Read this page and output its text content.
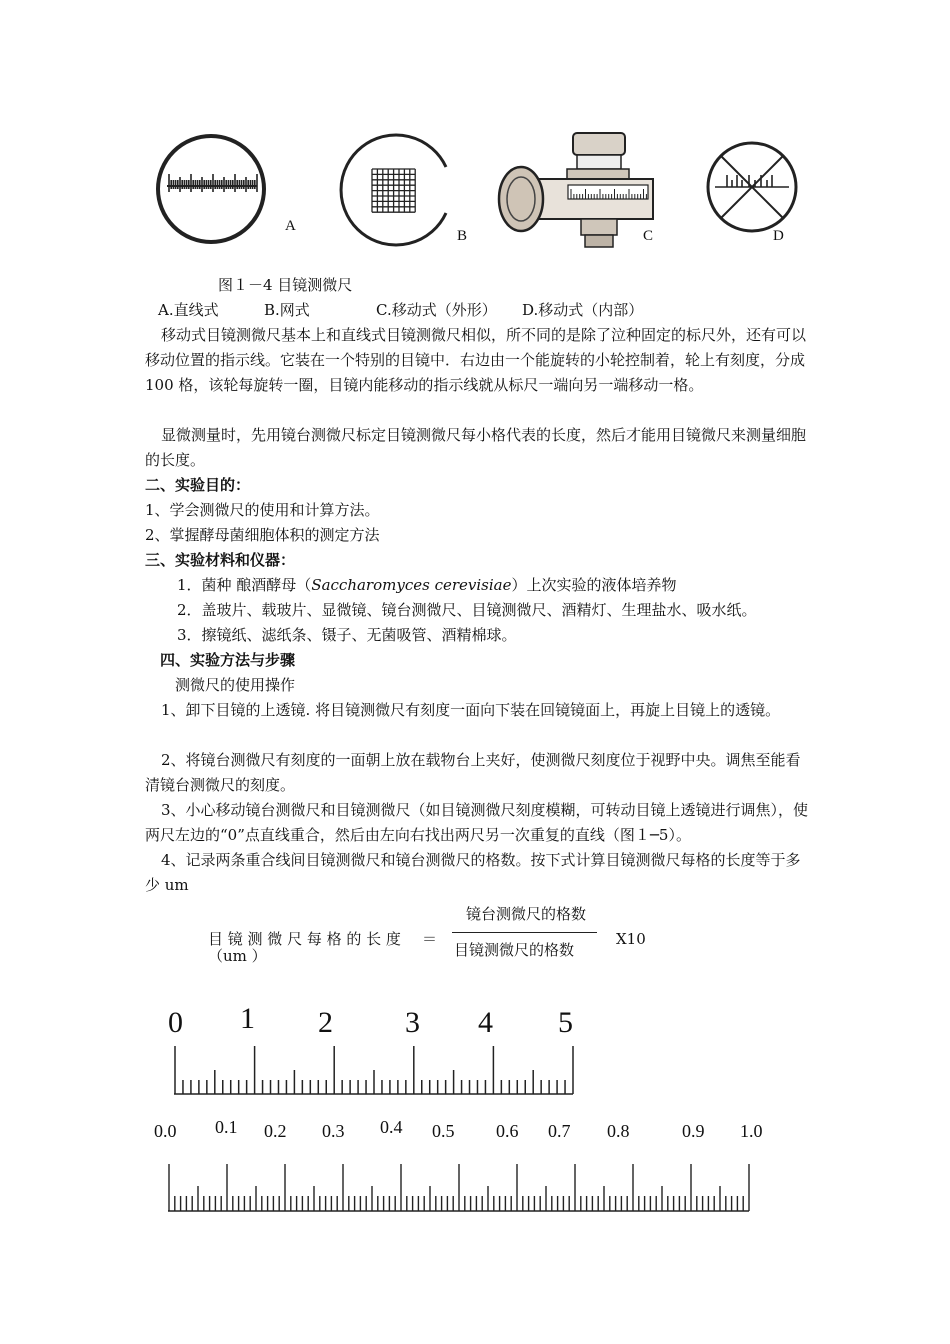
A
B	C	D
图１－4 目镜测微尺
A.直线式	B.网式	C.移动式（外形） D.移动式（内部）
移动式目镜测微尺基本上和直线式目镜测微尺相似，所不同的是除了泣种固定的标尺外，还有可以移动位置的指示线。它装在一个特别的目镜中．右边由一个能旋转的小轮控制着，轮上有刻度，分成 100 格，该轮每旋转一圈，目镜内能移动的指示线就从标尺一端向另一端移动一格。
显微测量时，先用镜台测微尺标定目镜测微尺每小格代表的长度，然后才能用目镜微尺来测量细胞的长度。
二、实验目的：
1、学会测微尺的使用和计算方法。
2、掌握酵母菌细胞体积的测定方法
三、实验材料和仪器：
1．菌种 酿酒酵母（Saccharomyces cerevisiae）上次实验的液体培养物
2．盖玻片、载玻片、显微镜、镜台测微尺、目镜测微尺、酒精灯、生理盐水、吸水纸。
3．擦镜纸、滤纸条、镊子、无菌吸管、酒精棉球。
四、实验方法与步骤
测微尺的使用操作
1、卸下目镜的上透镜. 将目镜测微尺有刻度一面向下装在回镜镜面上，再旋上目镜上的透镜。
2、将镜台测微尺有刻度的一面朝上放在载物台上夹好，使测微尺刻度位于视野中央。调焦至能看清镜台测微尺的刻度。
3、小心移动镜台测微尺和目镜测微尺（如目镜测微尺刻度模糊，可转动目镜上透镜进行调焦），使两尺左边的“0”点直线重合，然后由左向右找出两尺另一次重复的直线（图１─5）。
4、记录两条重合线间目镜测微尺和镜台测微尺的格数。按下式计算目镜测微尺每格的长度等于多少 um
目 镜 测 微 尺 每 格 的 长 度
（um ）
＝
镜台测微尺的格数
目镜测微尺的格数
X10
0 1 2 3 4 5
0.0 0.1 0.2 0.3 0.4 0.5 0.6 0.7 0.8	0.9 1.0
